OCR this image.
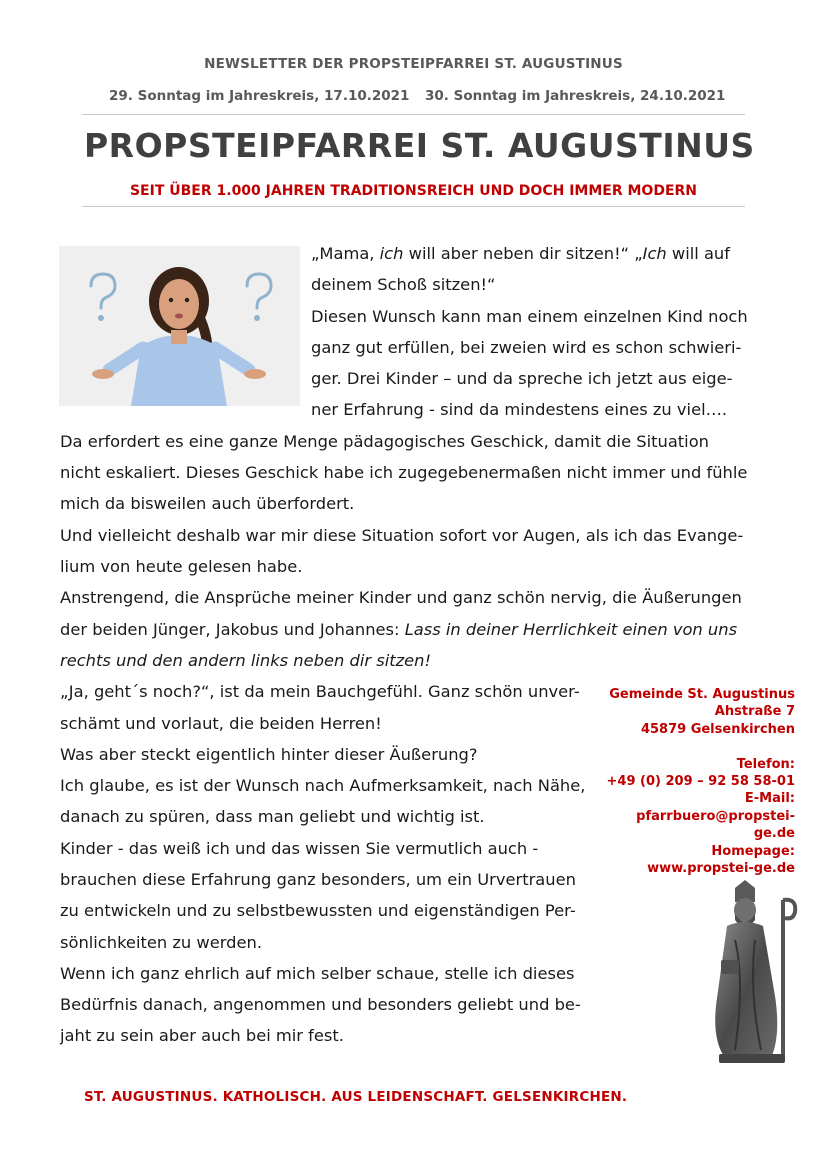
NEWSLETTER DER PROPSTEIPFARREI ST. AUGUSTINUS
29. Sonntag im Jahreskreis, 17.10.2021 30. Sonntag im Jahreskreis, 24.10.2021
PROPSTEIPFARREI ST. AUGUSTINUS
SEIT ÜBER 1.000 JAHREN TRADITIONSREICH UND DOCH IMMER MODERN
„Mama, ich will aber neben dir sitzen!“ „Ich will auf
deinem Schoß sitzen!“
Diesen Wunsch kann man einem einzelnen Kind noch
ganz gut erfüllen, bei zweien wird es schon schwieri-
ger. Drei Kinder – und da spreche ich jetzt aus eige-
ner Erfahrung - sind da mindestens eines zu viel….
Da erfordert es eine ganze Menge pädagogisches Geschick, damit die Situation
nicht eskaliert. Dieses Geschick habe ich zugegebenermaßen nicht immer und fühle
mich da bisweilen auch überfordert.
Und vielleicht deshalb war mir diese Situation sofort vor Augen, als ich das Evange-
lium von heute gelesen habe.
Anstrengend, die Ansprüche meiner Kinder und ganz schön nervig, die Äußerungen
der beiden Jünger, Jakobus und Johannes: Lass in deiner Herrlichkeit einen von uns
rechts und den andern links neben dir sitzen!
„Ja, geht´s noch?“, ist da mein Bauchgefühl. Ganz schön unver-
schämt und vorlaut, die beiden Herren!
Was aber steckt eigentlich hinter dieser Äußerung?
Ich glaube, es ist der Wunsch nach Aufmerksamkeit, nach Nähe,
danach zu spüren, dass man geliebt und wichtig ist.
Kinder - das weiß ich und das wissen Sie vermutlich auch -
brauchen diese Erfahrung ganz besonders, um ein Urvertrauen
zu entwickeln und zu selbstbewussten und eigenständigen Per-
sönlichkeiten zu werden.
Wenn ich ganz ehrlich auf mich selber schaue, stelle ich dieses
Bedürfnis danach, angenommen und besonders geliebt und be-
jaht zu sein aber auch bei mir fest.
Gemeinde St. Augustinus
Ahstraße 7
45879 Gelsenkirchen
Telefon:
+49 (0) 209 – 92 58 58-01
E-Mail:
pfarrbuero@propstei-
ge.de
Homepage:
www.propstei-ge.de
ST. AUGUSTINUS. KATHOLISCH. AUS LEIDENSCHAFT. GELSENKIRCHEN.
